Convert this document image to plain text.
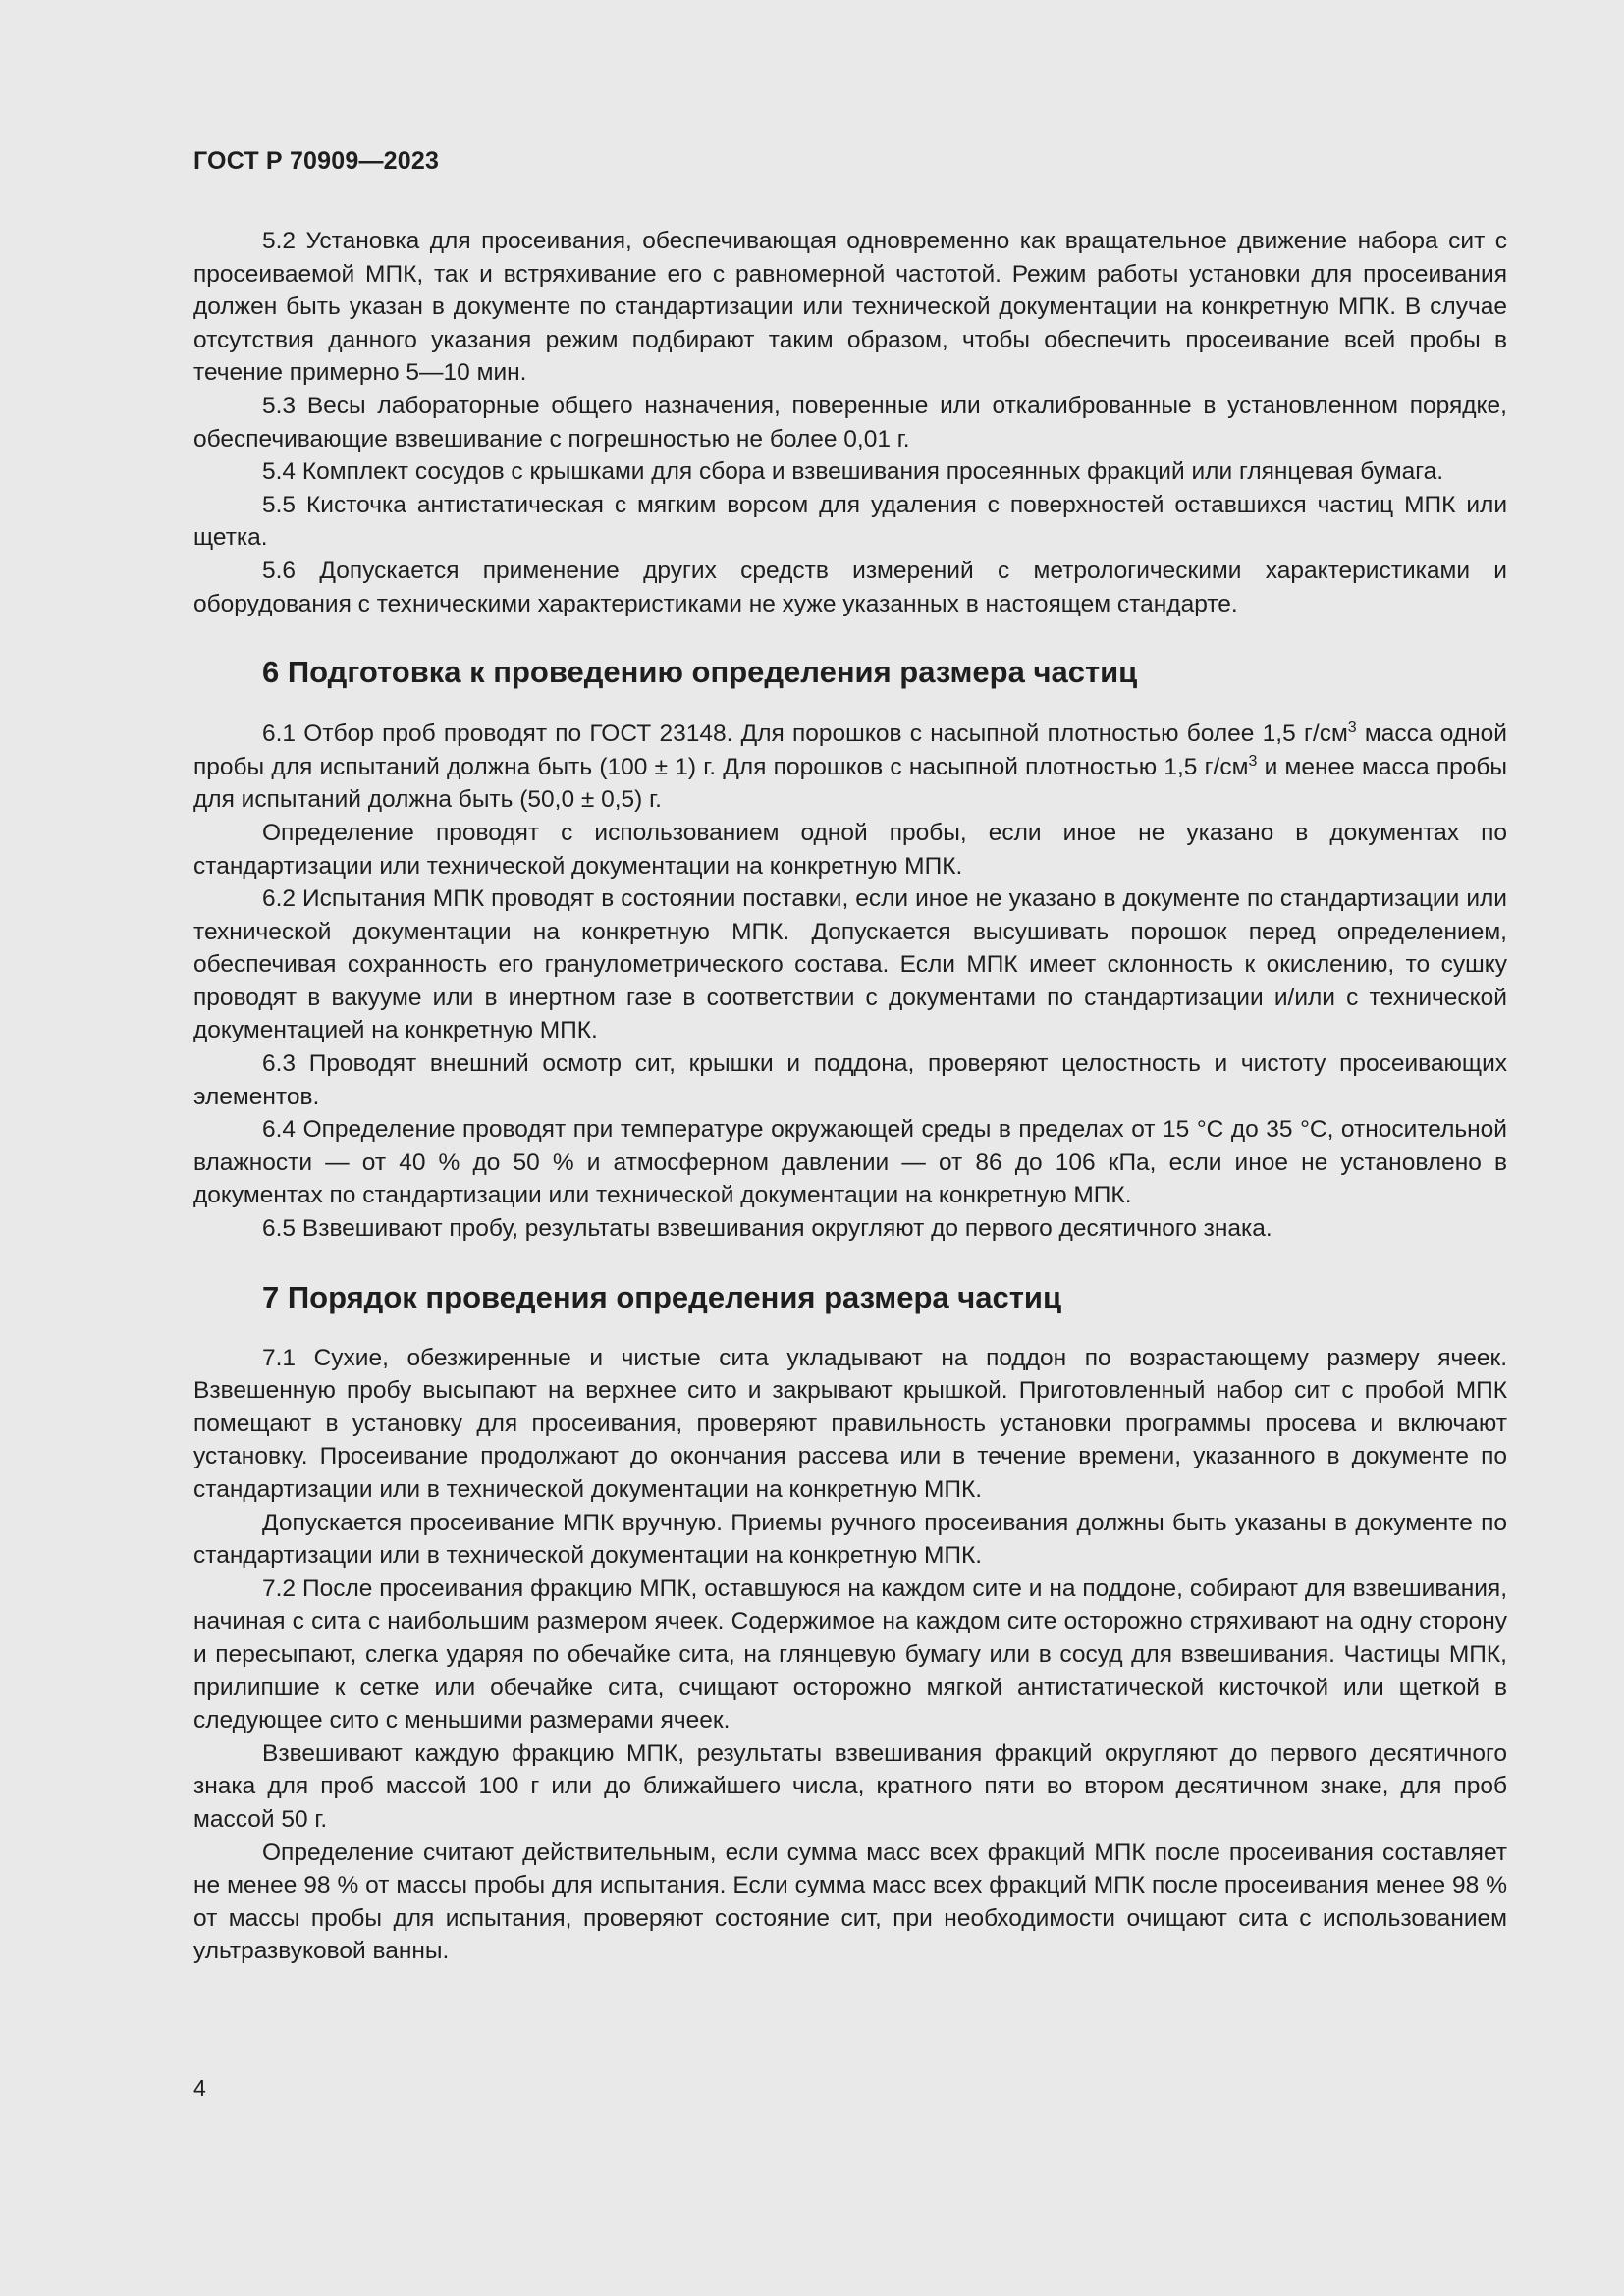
ГОСТ Р 70909—2023

5.2 Установка для просеивания, обеспечивающая одновременно как вращательное движение набора сит с просеиваемой МПК, так и встряхивание его с равномерной частотой. Режим работы установки для просеивания должен быть указан в документе по стандартизации или технической документации на конкретную МПК. В случае отсутствия данного указания режим подбирают таким образом, чтобы обеспечить просеивание всей пробы в течение примерно 5—10 мин.

5.3 Весы лабораторные общего назначения, поверенные или откалиброванные в установленном порядке, обеспечивающие взвешивание с погрешностью не более 0,01 г.

5.4 Комплект сосудов с крышками для сбора и взвешивания просеянных фракций или глянцевая бумага.

5.5 Кисточка антистатическая с мягким ворсом для удаления с поверхностей оставшихся частиц МПК или щетка.

5.6 Допускается применение других средств измерений с метрологическими характеристиками и оборудования с техническими характеристиками не хуже указанных в настоящем стандарте.

6 Подготовка к проведению определения размера частиц

6.1 Отбор проб проводят по ГОСТ 23148. Для порошков с насыпной плотностью более 1,5 $г/см^3$ масса одной пробы для испытаний должна быть (100 ± 1) г. Для порошков с насыпной плотностью 1,5 $г/см^3$ и менее масса пробы для испытаний должна быть (50,0 ± 0,5) г.

Определение проводят с использованием одной пробы, если иное не указано в документах по стандартизации или технической документации на конкретную МПК.

6.2 Испытания МПК проводят в состоянии поставки, если иное не указано в документе по стандартизации или технической документации на конкретную МПК. Допускается высушивать порошок перед определением, обеспечивая сохранность его гранулометрического состава. Если МПК имеет склонность к окислению, то сушку проводят в вакууме или в инертном газе в соответствии с документами по стандартизации и/или с технической документацией на конкретную МПК.

6.3 Проводят внешний осмотр сит, крышки и поддона, проверяют целостность и чистоту просеивающих элементов.

6.4 Определение проводят при температуре окружающей среды в пределах от 15 °С до 35 °С, относительной влажности — от 40 % до 50 % и атмосферном давлении — от 86 до 106 кПа, если иное не установлено в документах по стандартизации или технической документации на конкретную МПК.

6.5 Взвешивают пробу, результаты взвешивания округляют до первого десятичного знака.

7 Порядок проведения определения размера частиц

7.1 Сухие, обезжиренные и чистые сита укладывают на поддон по возрастающему размеру ячеек. Взвешенную пробу высыпают на верхнее сито и закрывают крышкой. Приготовленный набор сит с пробой МПК помещают в установку для просеивания, проверяют правильность установки программы просева и включают установку. Просеивание продолжают до окончания рассева или в течение времени, указанного в документе по стандартизации или в технической документации на конкретную МПК.

Допускается просеивание МПК вручную. Приемы ручного просеивания должны быть указаны в документе по стандартизации или в технической документации на конкретную МПК.

7.2 После просеивания фракцию МПК, оставшуюся на каждом сите и на поддоне, собирают для взвешивания, начиная с сита с наибольшим размером ячеек. Содержимое на каждом сите осторожно стряхивают на одну сторону и пересыпают, слегка ударяя по обечайке сита, на глянцевую бумагу или в сосуд для взвешивания. Частицы МПК, прилипшие к сетке или обечайке сита, счищают осторожно мягкой антистатической кисточкой или щеткой в следующее сито с меньшими размерами ячеек.

Взвешивают каждую фракцию МПК, результаты взвешивания фракций округляют до первого десятичного знака для проб массой 100 г или до ближайшего числа, кратного пяти во втором десятичном знаке, для проб массой 50 г.

Определение считают действительным, если сумма масс всех фракций МПК после просеивания составляет не менее 98 % от массы пробы для испытания. Если сумма масс всех фракций МПК после просеивания менее 98 % от массы пробы для испытания, проверяют состояние сит, при необходимости очищают сита с использованием ультразвуковой ванны.

4
